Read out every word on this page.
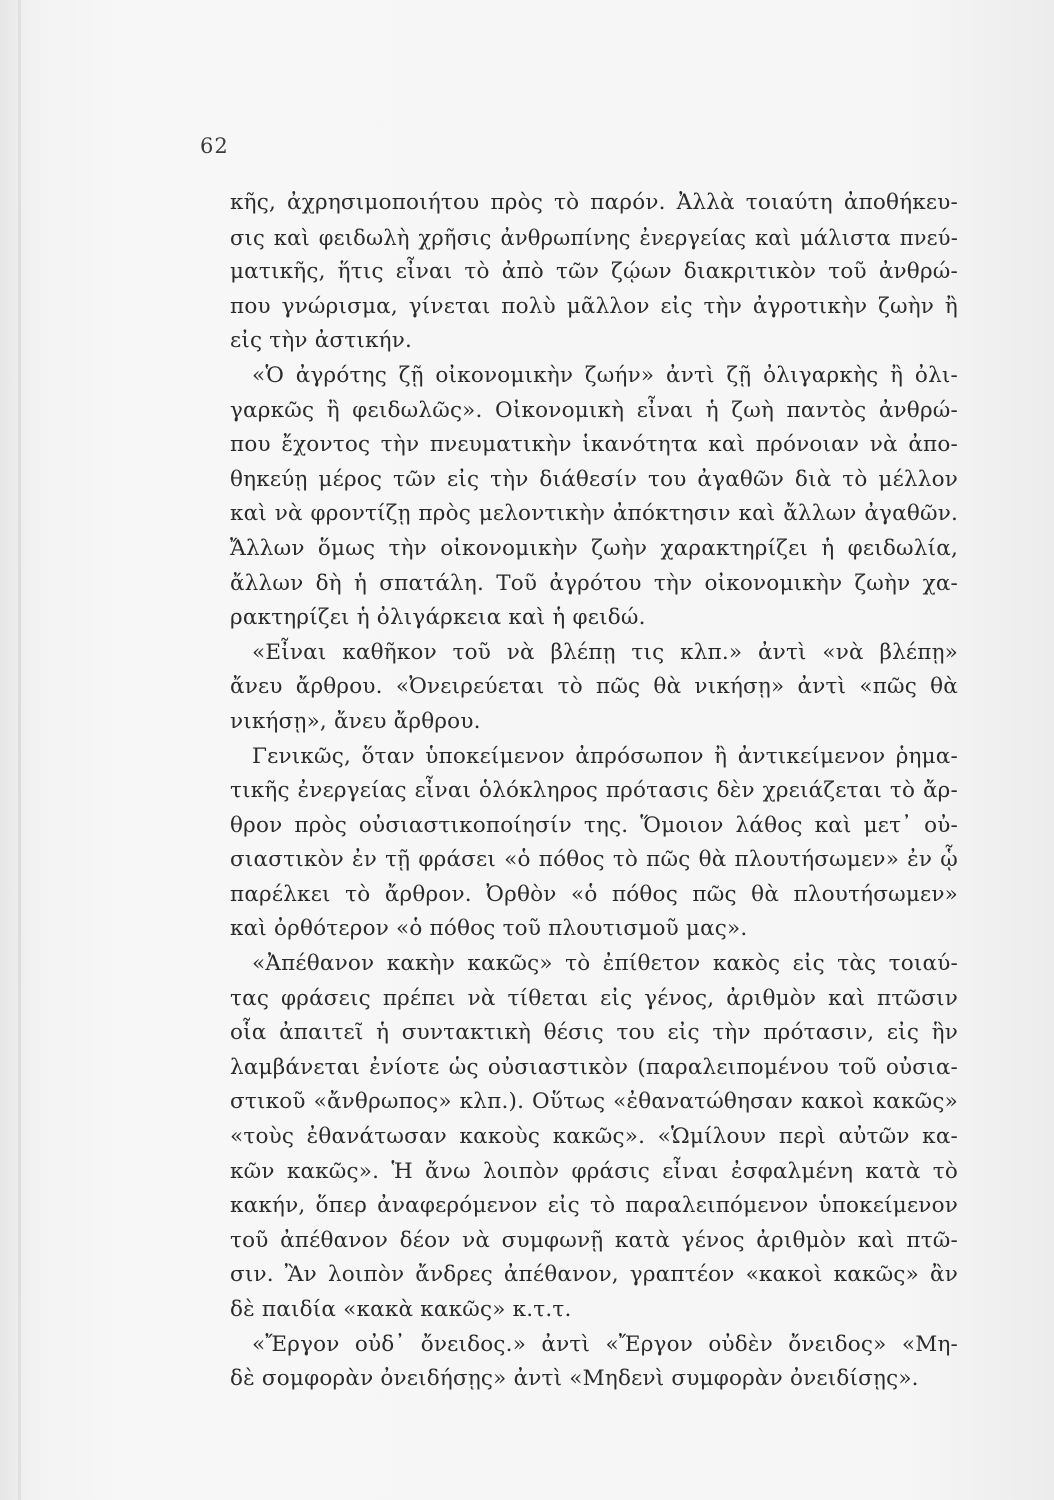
62
κῆς, ἀχρησιμοποιήτου πρὸς τὸ παρόν. Ἀλλὰ τοιαύτη ἀποθήκευ-
σις καὶ φειδωλὴ χρῆσις ἀνθρωπίνης ἐνεργείας καὶ μάλιστα πνεύ-
ματικῆς, ἥτις εἶναι τὸ ἀπὸ τῶν ζῴων διακριτικὸν τοῦ ἀνθρώ-
που γνώρισμα, γίνεται πολὺ μᾶλλον εἰς τὴν ἀγροτικὴν ζωὴν ἢ
εἰς τὴν ἀστικήν.
«Ὁ ἀγρότης ζῇ οἰκονομικὴν ζωήν» ἀντὶ ζῇ ὀλιγαρκὴς ἢ ὀλι-
γαρκῶς ἢ φειδωλῶς». Οἰκονομικὴ εἶναι ἡ ζωὴ παντὸς ἀνθρώ-
που ἔχοντος τὴν πνευματικὴν ἱκανότητα καὶ πρόνοιαν νὰ ἀπο-
θηκεύῃ μέρος τῶν εἰς τὴν διάθεσίν του ἀγαθῶν διὰ τὸ μέλλον
καὶ νὰ φροντίζῃ πρὸς μελοντικὴν ἀπόκτησιν καὶ ἄλλων ἀγαθῶν.
Ἄλλων ὅμως τὴν οἰκονομικὴν ζωὴν χαρακτηρίζει ἡ φειδωλία,
ἄλλων δὴ ἡ σπατάλη. Τοῦ ἀγρότου τὴν οἰκονομικὴν ζωὴν χα-
ρακτηρίζει ἡ ὀλιγάρκεια καὶ ἡ φειδώ.
«Εἶναι καθῆκον τοῦ νὰ βλέπῃ τις κλπ.» ἀντὶ «νὰ βλέπῃ»
ἄνευ ἄρθρου. «Ὀνειρεύεται τὸ πῶς θὰ νικήσῃ» ἀντὶ «πῶς θὰ
νικήσῃ», ἄνευ ἄρθρου.
Γενικῶς, ὅταν ὑποκείμενον ἀπρόσωπον ἢ ἀντικείμενον ῥημα-
τικῆς ἐνεργείας εἶναι ὁλόκληρος πρότασις δὲν χρειάζεται τὸ ἄρ-
θρον πρὸς οὐσιαστικοποίησίν της. Ὅμοιον λάθος καὶ μετ᾿ οὐ-
σιαστικὸν ἐν τῇ φράσει «ὁ πόθος τὸ πῶς θὰ πλουτήσωμεν» ἐν ᾧ
παρέλκει τὸ ἄρθρον. Ὀρθὸν «ὁ πόθος πῶς θὰ πλουτήσωμεν»
καὶ ὀρθότερον «ὁ πόθος τοῦ πλουτισμοῦ μας».
«Ἀπέθανον κακὴν κακῶς» τὸ ἐπίθετον κακὸς εἰς τὰς τοιαύ-
τας φράσεις πρέπει νὰ τίθεται εἰς γένος, ἀριθμὸν καὶ πτῶσιν
οἷα ἀπαιτεῖ ἡ συντακτικὴ θέσις του εἰς τὴν πρότασιν, εἰς ἣν
λαμβάνεται ἐνίοτε ὡς οὐσιαστικὸν (παραλειπομένου τοῦ οὐσια-
στικοῦ «ἄνθρωπος» κλπ.). Οὕτως «ἐθανατώθησαν κακοὶ κακῶς»
«τοὺς ἐθανάτωσαν κακοὺς κακῶς». «Ὡμίλουν περὶ αὐτῶν κα-
κῶν κακῶς». Ἡ ἄνω λοιπὸν φράσις εἶναι ἐσφαλμένη κατὰ τὸ
κακήν, ὅπερ ἀναφερόμενον εἰς τὸ παραλειπόμενον ὑποκείμενον
τοῦ ἀπέθανον δέον νὰ συμφωνῇ κατὰ γένος ἀριθμὸν καὶ πτῶ-
σιν. Ἂν λοιπὸν ἄνδρες ἀπέθανον, γραπτέον «κακοὶ κακῶς» ἂν
δὲ παιδία «κακὰ κακῶς» κ.τ.τ.
«Ἔργον οὐδ᾿ ὄνειδος.» ἀντὶ «Ἔργον οὐδὲν ὄνειδος» «Μη-
δὲ σομφορὰν ὀνειδήσῃς» ἀντὶ «Μηδενὶ συμφορὰν ὀνειδίσῃς».
